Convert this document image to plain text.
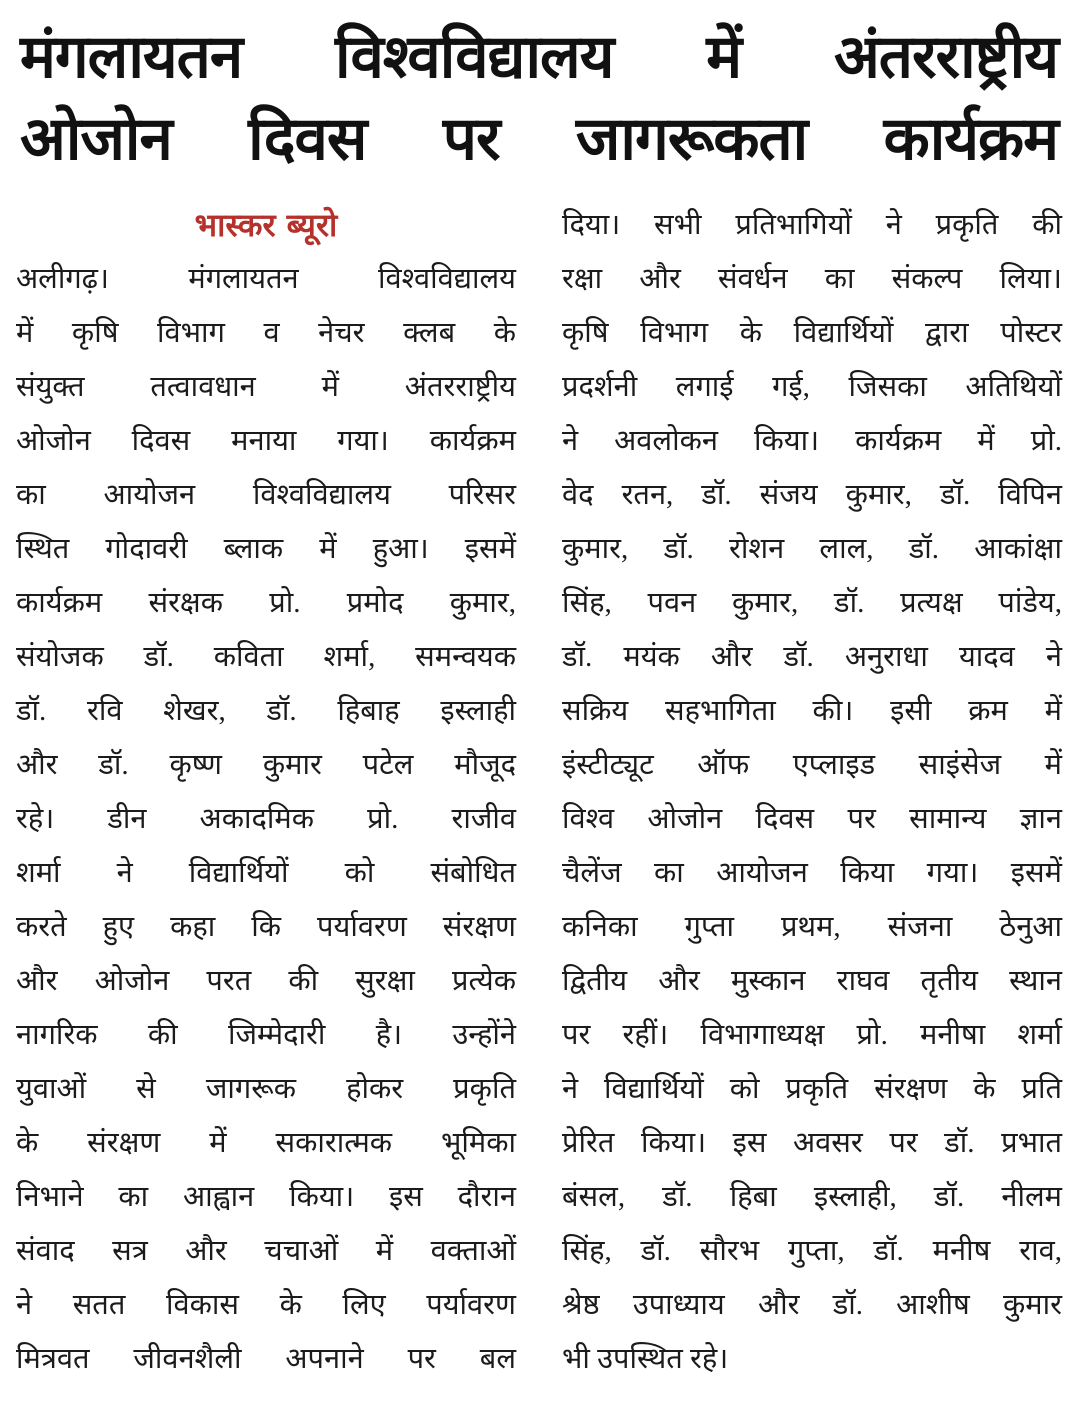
मंगलायतन विश्वविद्यालय में अंतरराष्ट्रीय
ओजोन दिवस पर जागरूकता कार्यक्रम
भास्कर ब्यूरो
अलीगढ़। मंगलायतन विश्वविद्यालय
में कृषि विभाग व नेचर क्लब के
संयुक्त तत्वावधान में अंतरराष्ट्रीय
ओजोन दिवस मनाया गया। कार्यक्रम
का आयोजन विश्वविद्यालय परिसर
स्थित गोदावरी ब्लाक में हुआ। इसमें
कार्यक्रम संरक्षक प्रो. प्रमोद कुमार,
संयोजक डॉ. कविता शर्मा, समन्वयक
डॉ. रवि शेखर, डॉ. हिबाह इस्लाही
और डॉ. कृष्ण कुमार पटेल मौजूद
रहे। डीन अकादमिक प्रो. राजीव
शर्मा ने विद्यार्थियों को संबोधित
करते हुए कहा कि पर्यावरण संरक्षण
और ओजोन परत की सुरक्षा प्रत्येक
नागरिक की जिम्मेदारी है। उन्होंने
युवाओं से जागरूक होकर प्रकृति
के संरक्षण में सकारात्मक भूमिका
निभाने का आह्वान किया। इस दौरान
संवाद सत्र और चचाओं में वक्ताओं
ने सतत विकास के लिए पर्यावरण
मित्रवत जीवनशैली अपनाने पर बल
दिया। सभी प्रतिभागियों ने प्रकृति की
रक्षा और संवर्धन का संकल्प लिया।
कृषि विभाग के विद्यार्थियों द्वारा पोस्टर
प्रदर्शनी लगाई गई, जिसका अतिथियों
ने अवलोकन किया। कार्यक्रम में प्रो.
वेद रतन, डॉ. संजय कुमार, डॉ. विपिन
कुमार, डॉ. रोशन लाल, डॉ. आकांक्षा
सिंह, पवन कुमार, डॉ. प्रत्यक्ष पांडेय,
डॉ. मयंक और डॉ. अनुराधा यादव ने
सक्रिय सहभागिता की। इसी क्रम में
इंस्टीट्यूट ऑफ एप्लाइड साइंसेज में
विश्व ओजोन दिवस पर सामान्य ज्ञान
चैलेंज का आयोजन किया गया। इसमें
कनिका गुप्ता प्रथम, संजना ठेनुआ
द्वितीय और मुस्कान राघव तृतीय स्थान
पर रहीं। विभागाध्यक्ष प्रो. मनीषा शर्मा
ने विद्यार्थियों को प्रकृति संरक्षण के प्रति
प्रेरित किया। इस अवसर पर डॉ. प्रभात
बंसल, डॉ. हिबा इस्लाही, डॉ. नीलम
सिंह, डॉ. सौरभ गुप्ता, डॉ. मनीष राव,
श्रेष्ठ उपाध्याय और डॉ. आशीष कुमार
भी उपस्थित रहे।
